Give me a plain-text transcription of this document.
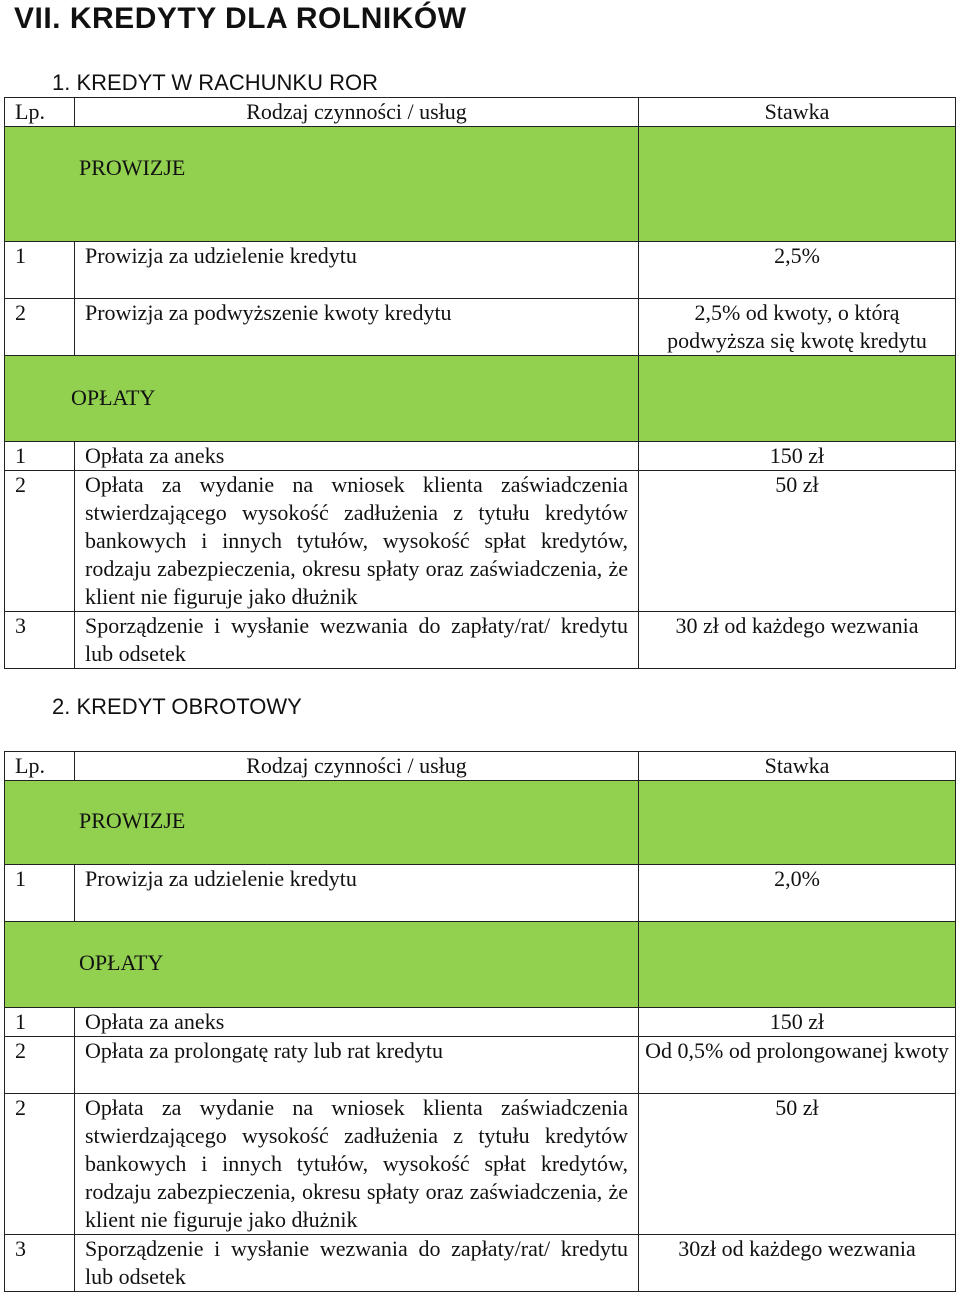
VII. KREDYTY DLA ROLNIKÓW
1. KREDYT W RACHUNKU ROR
Lp.	Rodzaj czynności / usług	Stawka

PROWIZJE		

1	Prowizja za udzielenie kredytu	2,5%
2	Prowizja za podwyższenie kwoty kredytu	2,5% od kwoty, o którą podwyższa się kwotę kredytu

OPŁATY		

1	Opłata za aneks	150 zł
2	Opłata za wydanie na wniosek klienta zaświadczenia stwierdzającego wysokość zadłużenia z tytułu kredytów bankowych i innych tytułów, wysokość spłat kredytów, rodzaju zabezpieczenia, okresu spłaty oraz zaświadczenia, że klient nie figuruje jako dłużnik	50 zł
3	Sporządzenie i wysłanie wezwania do zapłaty/rat/ kredytu lub odsetek	30 zł od każdego wezwania
2. KREDYT OBROTOWY
Lp.	Rodzaj czynności / usług	Stawka

PROWIZJE		

1	Prowizja za udzielenie kredytu	2,0%

OPŁATY		

1	Opłata za aneks	150 zł
2	Opłata za prolongatę raty lub rat kredytu	Od 0,5% od prolongowanej kwoty
2	Opłata za wydanie na wniosek klienta zaświadczenia stwierdzającego wysokość zadłużenia z tytułu kredytów bankowych i innych tytułów, wysokość spłat kredytów, rodzaju zabezpieczenia, okresu spłaty oraz zaświadczenia, że klient nie figuruje jako dłużnik	50 zł
3	Sporządzenie i wysłanie wezwania do zapłaty/rat/ kredytu lub odsetek	30zł od każdego wezwania
